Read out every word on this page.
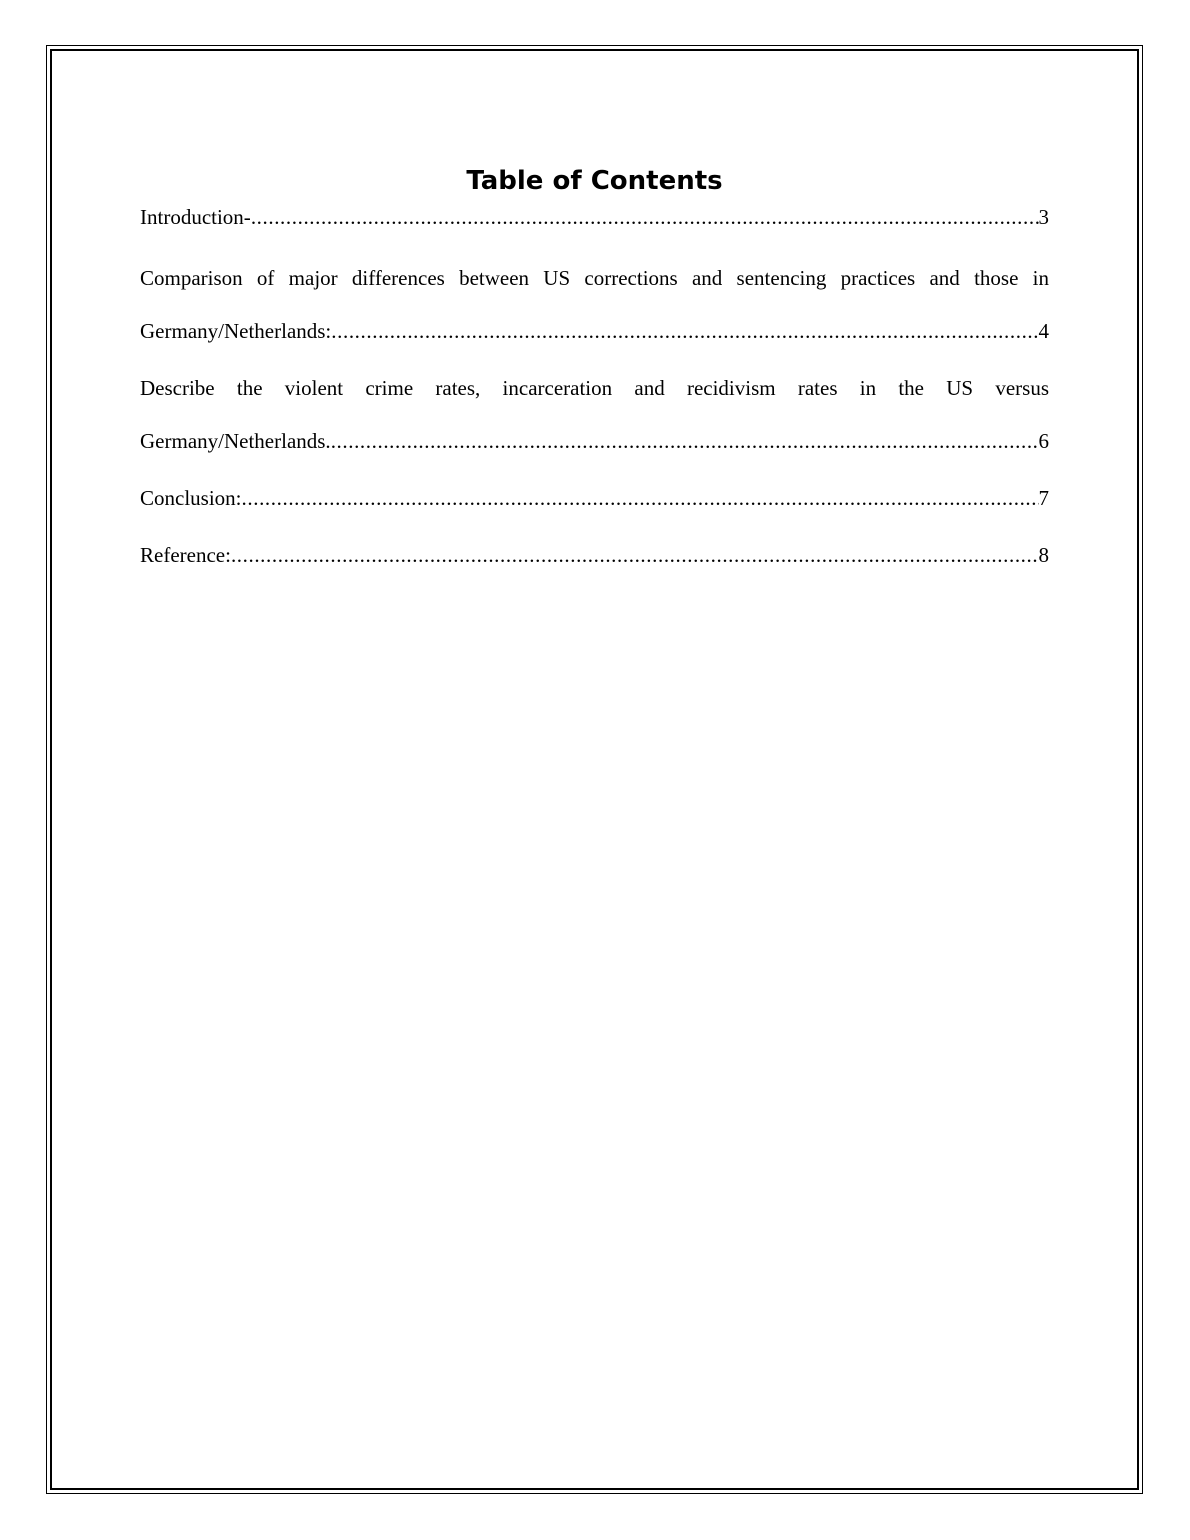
Table of Contents
Introduction- .....	3
Comparison of major differences between US corrections and sentencing practices and those in
Germany/Netherlands: .....	4
Describe the violent crime rates, incarceration and recidivism rates in the US versus
Germany/Netherlands. .....	6
Conclusion: .....	7
Reference: .....	8
